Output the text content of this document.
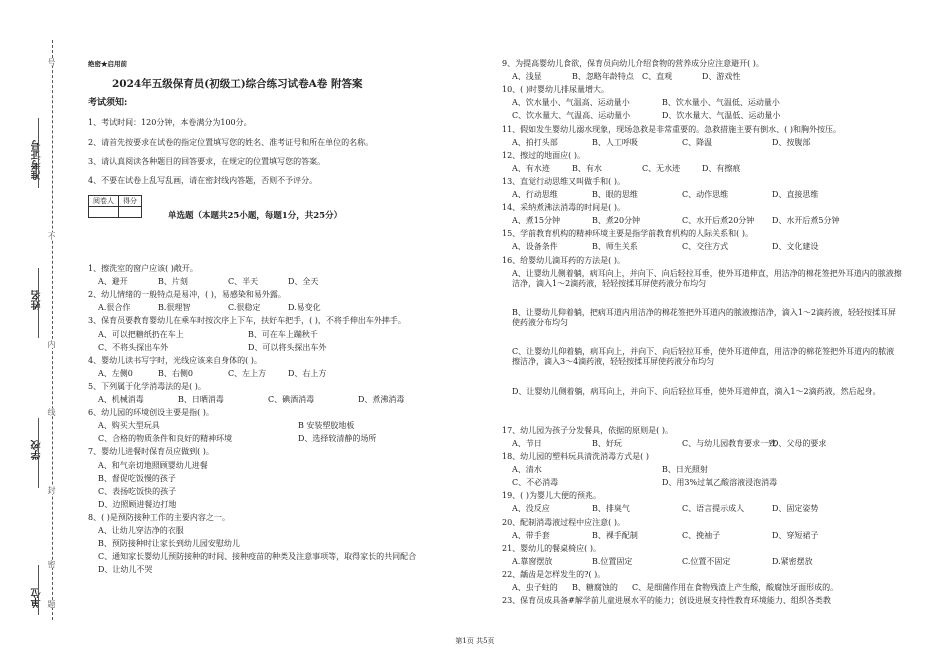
准考证号
姓名
学校
单位
号
不
内
线
封
密
题
绝密★启用前
2024年五级保育员(初级工)综合练习试卷A卷 附答案
考试须知:
1、考试时间：120分钟，本卷满分为100分。
2、请首先按要求在试卷的指定位置填写您的姓名、准考证号和所在单位的名称。
3、请认真阅读各种题目的回答要求，在规定的位置填写您的答案。
4、不要在试卷上乱写乱画，请在密封线内答题，否则不予评分。
阅卷人	得分

单选题（本题共25小题，每题1分，共25分）
1、擦洗室的窗户应该( )敞开。
A、避开	B、片刻	C、半天	D、全天
2、幼儿情绪的一般特点是易冲，( )，易感染和易外露。
A.很合作	B.很理智	C.很稳定	D.易变化
3、保育员要教育婴幼儿在乘车时按次序上下车，扶好车把手，( )，不将手伸出车外摔手。
A、可以把糖纸扔在车上	B、可在车上蹦秋千
C、不将头探出车外	D、可以将头探出车外
4、婴幼儿读书写字时，光线应该来自身体的( )。
A、左侧0	B、右侧0	C、左上方	D、右上方
5、下列属于化学消毒法的是( )。
A、机械消毒	B、日晒消毒	C、碘酒消毒	D、煮沸消毒
6、幼儿园的环境创设主要是指( )。
A、购买大型玩具	B 安装塑胶地板
C、合格的物质条件和良好的精神环境	D、选择较清静的场所
7、婴幼儿进餐时保育员应做到( )。
A、和气亲切地照顾婴幼儿进餐
B、督促吃饭慢的孩子
C、表扬吃饭快的孩子
D、边照顾进餐边打地
8、( )是预防接种工作的主要内容之一。
A、让幼儿穿洁净的衣服
B、预防接种时让家长到幼儿园安慰幼儿
C、通知家长婴幼儿预防接种的时间、接种疫苗的种类及注意事项等，取得家长的共同配合
D、让幼儿不哭
9、为提高婴幼儿食欲，保育员向幼儿介绍食物的营养成分应注意避开( )。
A、浅显	B、忽略年龄特点 C、直观	D、游戏性
10、( )时婴幼儿排尿量增大。
A、饮水量小、气温高、运动量小	B、饮水量小、气温低、运动量小
C、饮水量大、气温高、运动量小	D、饮水量大、气温低、运动量小
11、假如发生婴幼儿溺水现象，现场急救是非常重要的。急救措施主要有倒水、( )和胸外按压。
A、拍打头部	B、人工呼吸	C、降温	D、按腹部
12、擦过的地面应( )。
A、有水迹	B、有水	C、无水迹	D、有擦痕
13、直觉行动思维又叫做手和( )。
A、行动思维	B、眼的思维	C、动作思维	D、直接思维
14、采纳煮沸法消毒的时间是( )。
A、煮15分钟	B、煮20分钟	C、水开后煮20分钟 D、水开后煮5分钟
15、学前教育机构的精神环境主要是指学前教育机构的人际关系和( )。
A、设备条件	B、师生关系	C、交往方式	D、文化建设
16、给婴幼儿滴耳药的方法是( )。
A、让婴幼儿侧着躺，病耳向上，并向下、向后轻拉耳垂，使外耳道伸直，用洁净的棉花签把外耳道内的脓液擦洁净，滴入1～2滴药液，轻轻按揉耳屏使药液分布均匀
B、让婴幼儿仰着躺，把病耳道内用洁净的棉花签把外耳道内的脓液擦洁净，滴入1～2滴药液，轻轻按揉耳屏使药液分布均匀
C、让婴幼儿仰着躺，病耳向上，并向下、向后轻拉耳垂，使外耳道伸直，用洁净的棉花签把外耳道内的脓液擦洁净，滴入3～4滴药液，轻轻按揉耳屏使药液分布均匀
D、让婴幼儿侧着躺，病耳向上，并向下、向后轻拉耳垂，使外耳道伸直，滴入1～2滴药液，然后起身。
17、幼儿园为孩子分发餐具，依据的原则是( )。
A、节日	B、好玩	C、与幼儿园教育要求一致
D、父母的要求
18、幼儿园的塑料玩具清洗消毒方式是( )
A、清水	B、日光照射
C、不必消毒	D、用3%过氧乙酸溶液浸泡消毒
19、( )为婴儿大便的预兆。
A、没反应	B、排臭气	C、语言提示成人	D、固定姿势
20、配制消毒液过程中应注意( )。
A、带手套	B、裸手配制	C、挽袖子	D、穿短裙子
21、婴幼儿的餐桌椅应( )。
A.靠窗摆放	B.位置固定	C.位置不固定	D.紧密摆放
22、龋齿是怎样发生的?( )。
A、虫子蛀的 B、糖腐蚀的 C、是细菌作用在食物残渣上产生酸，酸腐蚀牙面形成的。
23、保育员成具备#解学前儿童进展水平的能力；创设进展支持性教育环境能力、组织各类教
第1页 共5页
